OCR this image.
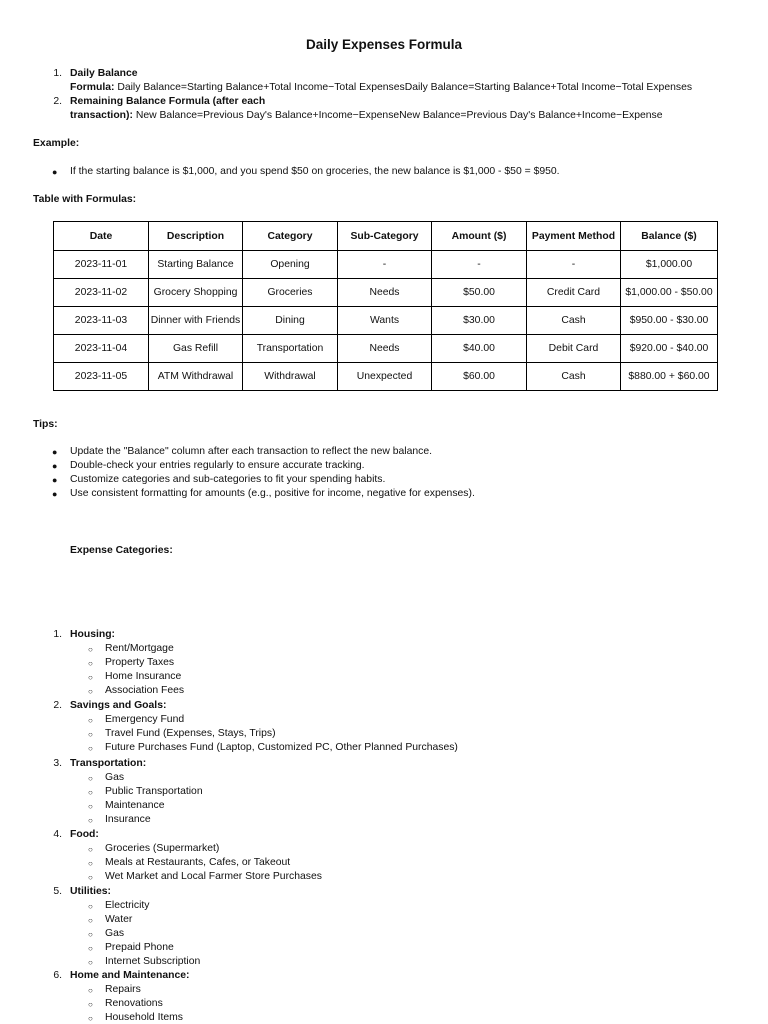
Daily Expenses Formula
1. Daily Balance
Formula: Daily Balance=Starting Balance+Total Income−Total ExpensesDaily Balance=Starting Balance+Total Income−Total Expenses
2. Remaining Balance Formula (after each
transaction): New Balance=Previous Day's Balance+Income−ExpenseNew Balance=Previous Day's Balance+Income−Expense
Example:
● If the starting balance is $1,000, and you spend $50 on groceries, the new balance is $1,000 - $50 = $950.
Table with Formulas:
Date	Description	Category	Sub-Category	Amount ($)	Payment Method	Balance ($)
2023-11-01	Starting Balance	Opening	-	-	-	$1,000.00
2023-11-02	Grocery Shopping	Groceries	Needs	$50.00	Credit Card	$1,000.00 - $50.00
2023-11-03	Dinner with Friends	Dining	Wants	$30.00	Cash	$950.00 - $30.00
2023-11-04	Gas Refill	Transportation	Needs	$40.00	Debit Card	$920.00 - $40.00
2023-11-05	ATM Withdrawal	Withdrawal	Unexpected	$60.00	Cash	$880.00 + $60.00
Tips:
● Update the "Balance" column after each transaction to reflect the new balance.
● Double-check your entries regularly to ensure accurate tracking.
● Customize categories and sub-categories to fit your spending habits.
● Use consistent formatting for amounts (e.g., positive for income, negative for expenses).
Expense Categories:
1. Housing:
○ Rent/Mortgage
○ Property Taxes
○ Home Insurance
○ Association Fees
2. Savings and Goals:
○ Emergency Fund
○ Travel Fund (Expenses, Stays, Trips)
○ Future Purchases Fund (Laptop, Customized PC, Other Planned Purchases)
3. Transportation:
○ Gas
○ Public Transportation
○ Maintenance
○ Insurance
4. Food:
○ Groceries (Supermarket)
○ Meals at Restaurants, Cafes, or Takeout
○ Wet Market and Local Farmer Store Purchases
5. Utilities:
○ Electricity
○ Water
○ Gas
○ Prepaid Phone
○ Internet Subscription
6. Home and Maintenance:
○ Repairs
○ Renovations
○ Household Items
